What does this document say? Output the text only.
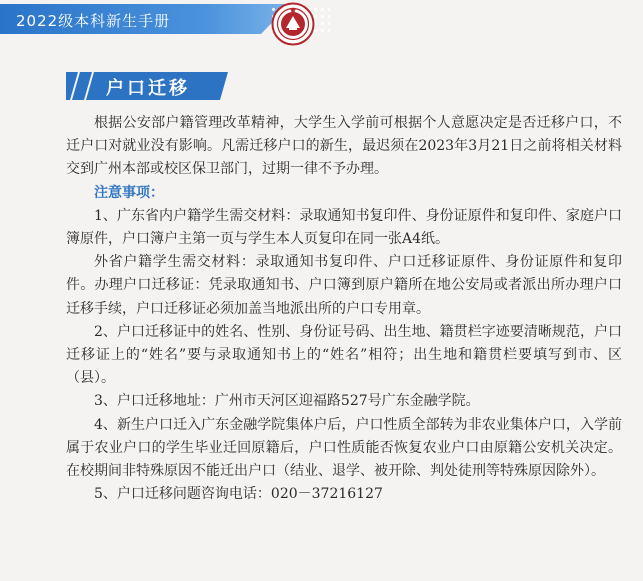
2022级本科新生手册
户口迁移

根据公安部户籍管理改革精神，大学生入学前可根据个人意愿决定是否迁移户口，不迁户口对就业没有影响。凡需迁移户口的新生，最迟须在2023年3月21日之前将相关材料交到广州本部或校区保卫部门，过期一律不予办理。

注意事项：

1、广东省内户籍学生需交材料：录取通知书复印件、身份证原件和复印件、家庭户口簿原件，户口簿户主第一页与学生本人页复印在同一张A4纸。

外省户籍学生需交材料：录取通知书复印件、户口迁移证原件、身份证原件和复印件。办理户口迁移证：凭录取通知书、户口簿到原户籍所在地公安局或者派出所办理户口迁移手续，户口迁移证必须加盖当地派出所的户口专用章。

2、户口迁移证中的姓名、性别、身份证号码、出生地、籍贯栏字迹要清晰规范，户口迁移证上的“姓名”要与录取通知书上的“姓名”相符；出生地和籍贯栏要填写到市、区（县）。

3、户口迁移地址：广州市天河区迎福路527号广东金融学院。

4、新生户口迁入广东金融学院集体户后，户口性质全部转为非农业集体户口，入学前属于农业户口的学生毕业迁回原籍后，户口性质能否恢复农业户口由原籍公安机关决定。在校期间非特殊原因不能迁出户口（结业、退学、被开除、判处徒刑等特殊原因除外）。

5、户口迁移问题咨询电话：020－37216127
